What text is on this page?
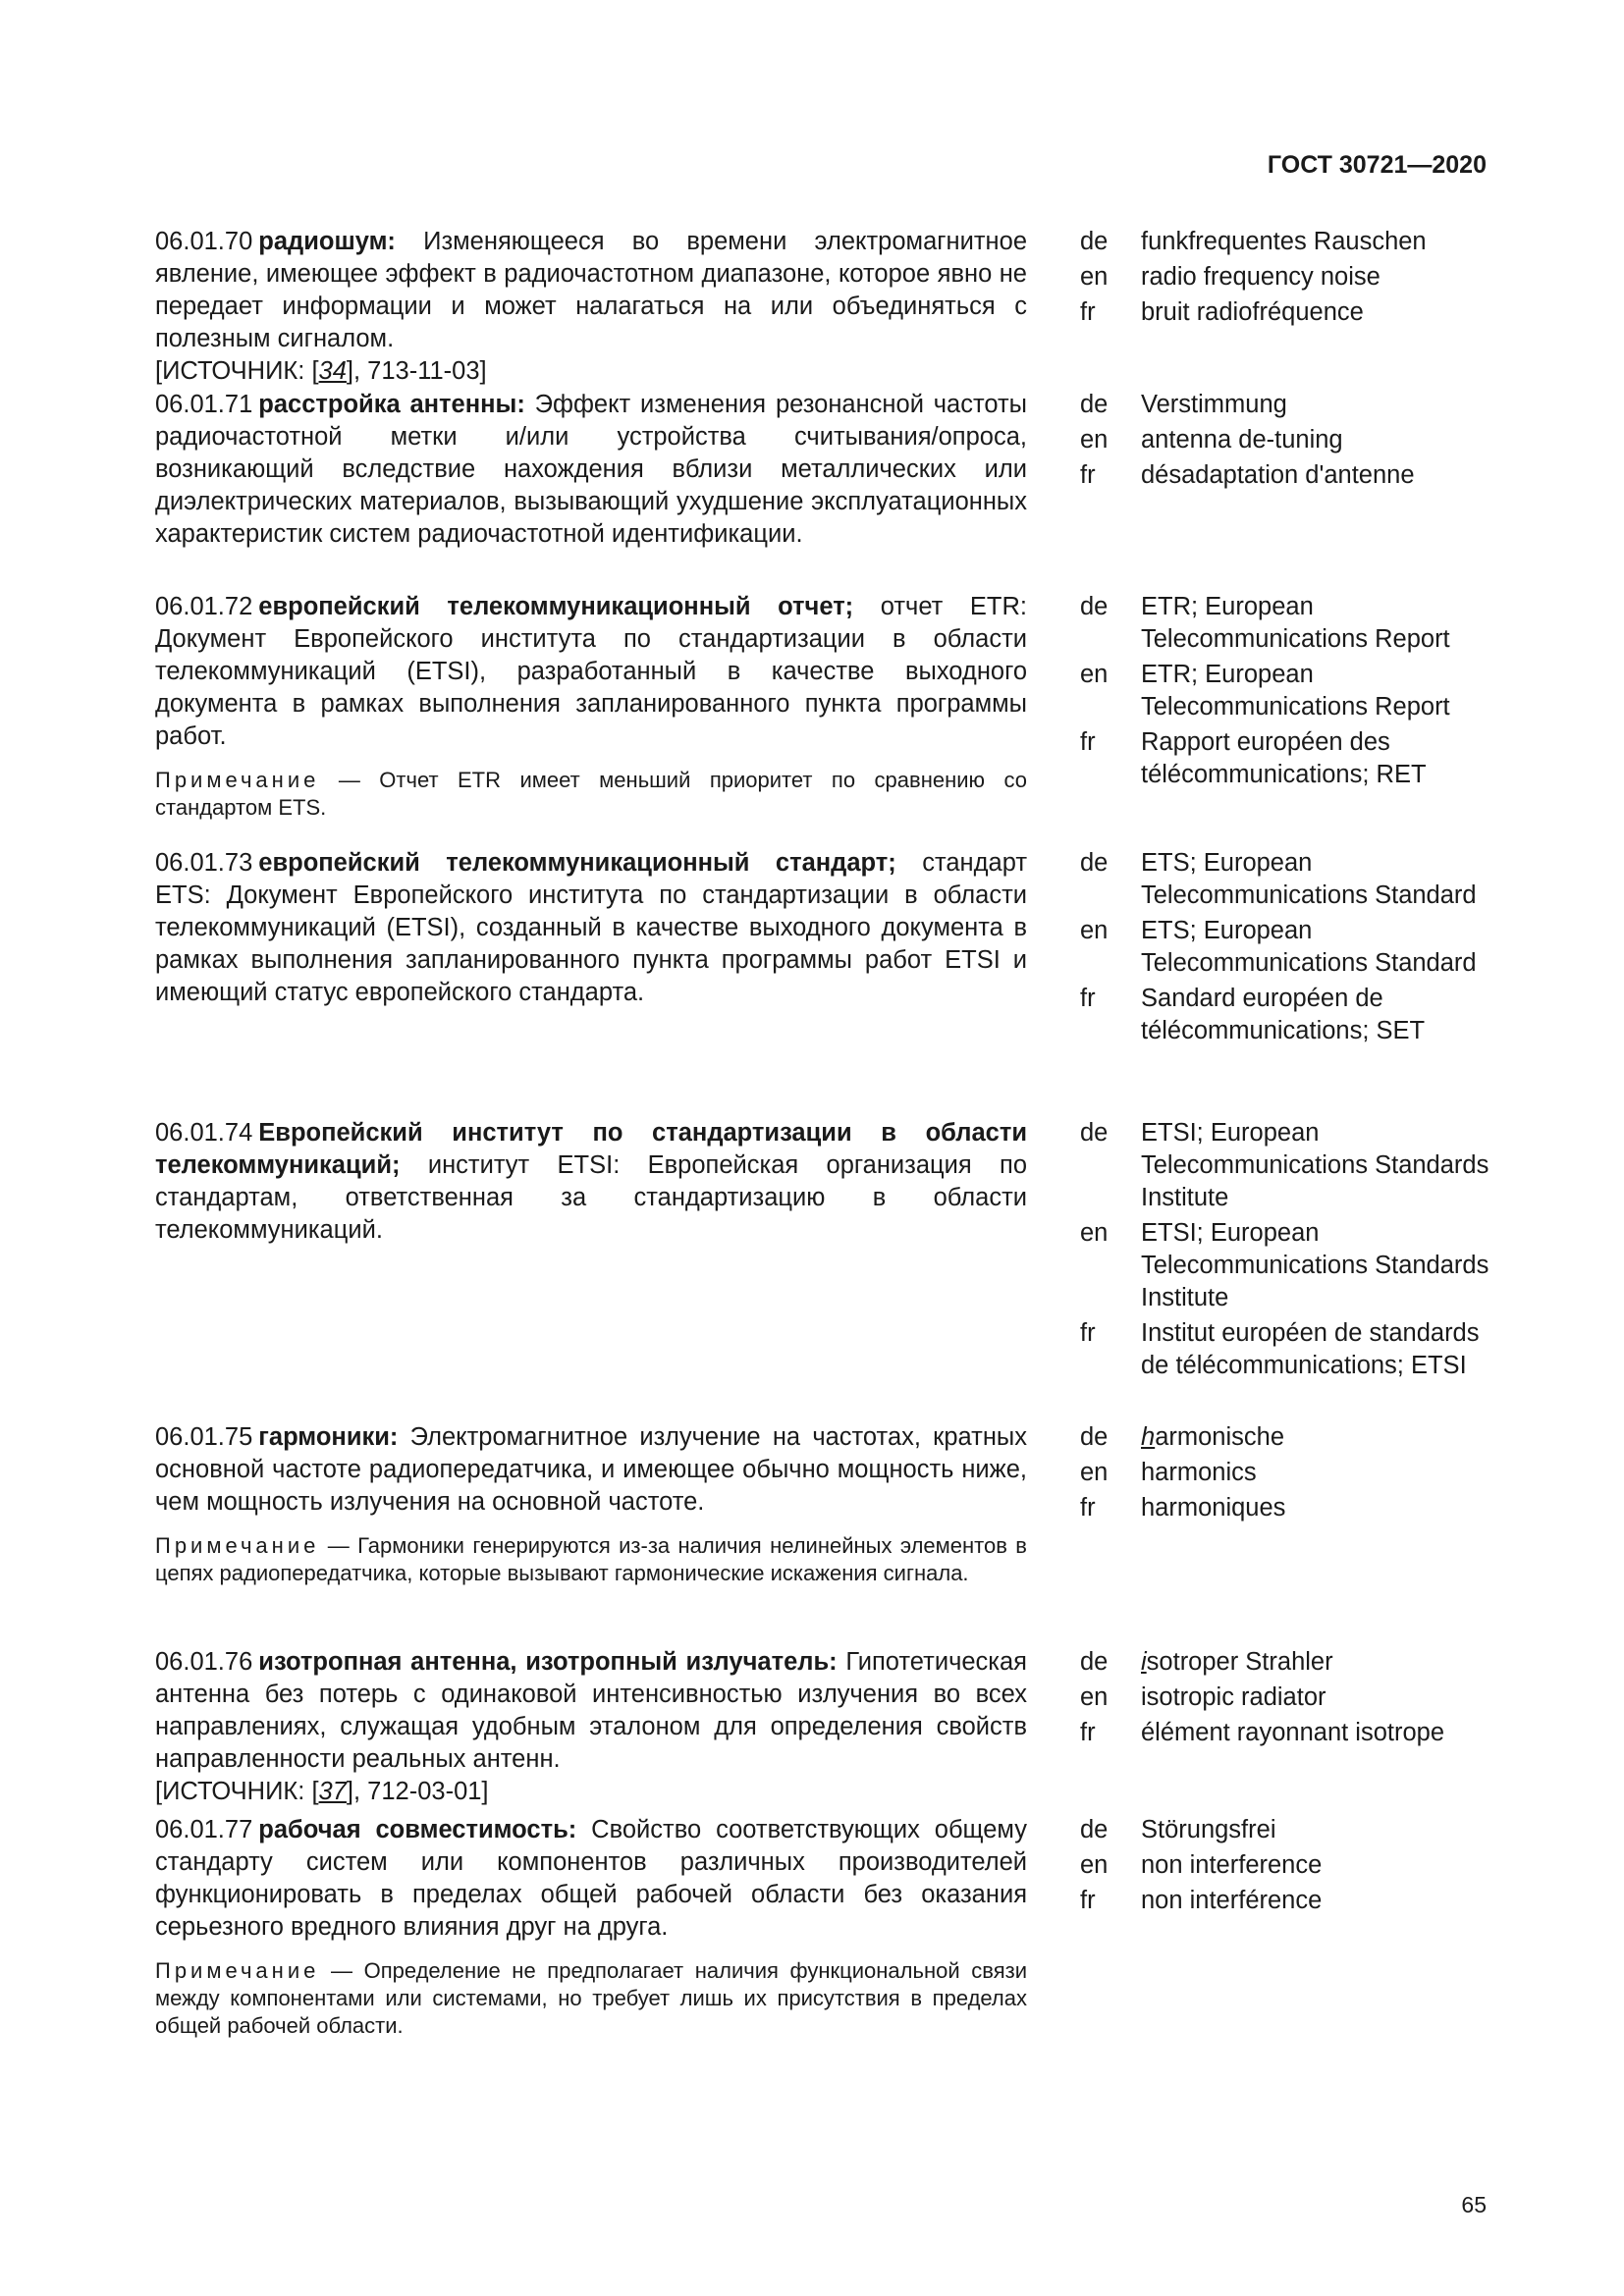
ГОСТ 30721—2020

06.01.70 радиошум: Изменяющееся во времени электромагнитное явление, имеющее эффект в радиочастотном диапазоне, которое явно не передает информации и может налагаться на или объединяться с полезным сигналом.

[ИСТОЧНИК: [34], 713-11-03]

de	funkfrequentes Rauschen
en	radio frequency noise
fr	bruit radiofréquence

06.01.71 расстройка антенны: Эффект изменения резонансной частоты радиочастотной метки и/или устройства считывания/опроса, возникающий вследствие нахождения вблизи металлических или диэлектрических материалов, вызывающий ухудшение эксплуатационных характеристик систем радиочастотной идентификации.

de	Verstimmung
en	antenna de-tuning
fr	désadaptation d'antenne

06.01.72 европейский телекоммуникационный отчет; отчет ETR: Документ Европейского института по стандартизации в области телекоммуникаций (ETSI), разработанный в качестве выходного документа в рамках выполнения запланированного пункта программы работ.

Примечание — Отчет ETR имеет меньший приоритет по сравнению со стандартом ETS.

de	ETR; European Telecommunications Report
en	ETR; European Telecommunications Report
fr	Rapport européen des télécommunications; RET

06.01.73 европейский телекоммуникационный стандарт; стандарт ETS: Документ Европейского института по стандартизации в области телекоммуникаций (ETSI), созданный в качестве выходного документа в рамках выполнения запланированного пункта программы работ ETSI и имеющий статус европейского стандарта.

de	ETS; European Telecommunications Standard
en	ETS; European Telecommunications Standard
fr	Sandard européen de télécommunications; SET

06.01.74 Европейский институт по стандартизации в области телекоммуникаций; институт ETSI: Европейская организация по стандартам, ответственная за стандартизацию в области телекоммуникаций.

de	ETSI; European Telecommunications Standards Institute
en	ETSI; European Telecommunications Standards Institute
fr	Institut européen de standards de télécommunications; ETSI

06.01.75 гармоники: Электромагнитное излучение на частотах, кратных основной частоте радиопередатчика, и имеющее обычно мощность ниже, чем мощность излучения на основной частоте.

Примечание — Гармоники генерируются из-за наличия нелинейных элементов в цепях радиопередатчика, которые вызывают гармонические искажения сигнала.

de	harmonische
en	harmonics
fr	harmoniques

06.01.76 изотропная антенна, изотропный излучатель: Гипотетическая антенна без потерь с одинаковой интенсивностью излучения во всех направлениях, служащая удобным эталоном для определения свойств направленности реальных антенн.

[ИСТОЧНИК: [37], 712-03-01]

de	isotroper Strahler
en	isotropic radiator
fr	élément rayonnant isotrope

06.01.77 рабочая совместимость: Свойство соответствующих общему стандарту систем или компонентов различных производителей функционировать в пределах общей рабочей области без оказания серьезного вредного влияния друг на друга.

Примечание — Определение не предполагает наличия функциональной связи между компонентами или системами, но требует лишь их присутствия в пределах общей рабочей области.

de	Störungsfrei
en	non interference
fr	non interférence
65
